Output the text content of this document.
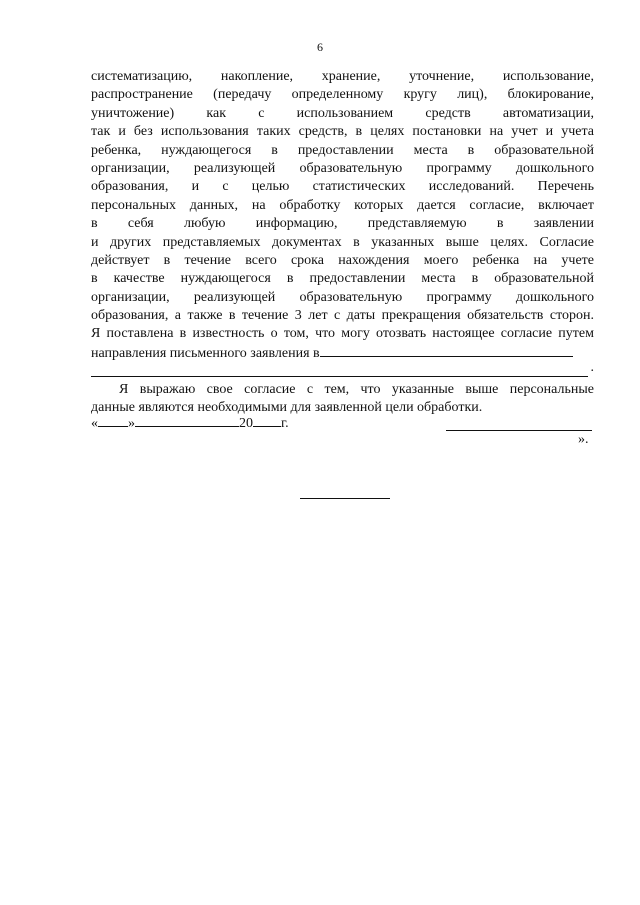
6
систематизацию, накопление, хранение, уточнение, использование,
распространение (передачу определенному кругу лиц), блокирование,
уничтожение) как с использованием средств автоматизации,
так и без использования таких средств, в целях постановки на учет и учета
ребенка, нуждающегося в предоставлении места в образовательной
организации, реализующей образовательную программу дошкольного
образования, и с целью статистических исследований. Перечень
персональных данных, на обработку которых дается согласие, включает
в себя любую информацию, представляемую в заявлении
и других представляемых документах в указанных выше целях. Согласие
действует в течение всего срока нахождения моего ребенка на учете
в качестве нуждающегося в предоставлении места в образовательной
организации, реализующей образовательную программу дошкольного
образования, а также в течение 3 лет с даты прекращения обязательств сторон.
Я поставлена в известность о том, что могу отозвать настоящее согласие путем
направления письменного заявления в
.
Я выражаю свое согласие с тем, что указанные выше персональные
данные являются необходимыми для заявленной цели обработки.
« »	20 г.
».
